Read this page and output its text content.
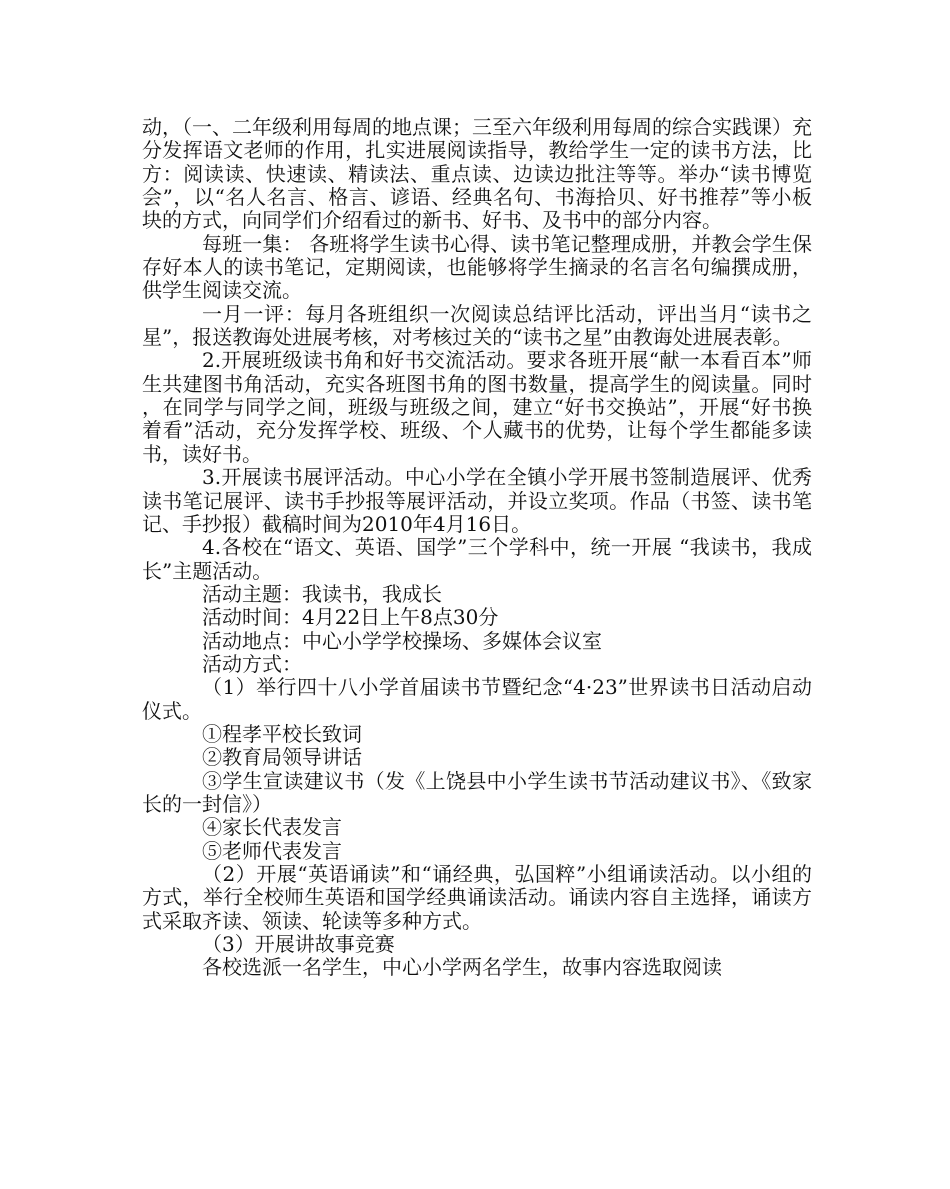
动，（一、二年级利用每周的地点课；三至六年级利用每周的综合实践课）充分发挥语文老师的作用，扎实进展阅读指导，教给学生一定的读书方法，比方：阅读读、快速读、精读法、重点读、边读边批注等等。举办“读书博览会”，以“名人名言、格言、谚语、经典名句、书海拾贝、好书推荐”等小板块的方式，向同学们介绍看过的新书、好书、及书中的部分内容。

每班一集： 各班将学生读书心得、读书笔记整理成册，并教会学生保存好本人的读书笔记，定期阅读，也能够将学生摘录的名言名句编撰成册，供学生阅读交流。

一月一评：每月各班组织一次阅读总结评比活动，评出当月“读书之星”，报送教诲处进展考核，对考核过关的“读书之星”由教诲处进展表彰。

2.开展班级读书角和好书交流活动。要求各班开展“献一本看百本”师生共建图书角活动，充实各班图书角的图书数量，提高学生的阅读量。同时，在同学与同学之间，班级与班级之间，建立“好书交换站”，开展“好书换着看”活动，充分发挥学校、班级、个人藏书的优势，让每个学生都能多读书，读好书。

3.开展读书展评活动。中心小学在全镇小学开展书签制造展评、优秀读书笔记展评、读书手抄报等展评活动，并设立奖项。作品（书签、读书笔记、手抄报）截稿时间为2010年4月16日。

4.各校在“语文、英语、国学”三个学科中，统一开展 “我读书，我成长”主题活动。

活动主题：我读书，我成长

活动时间：4月22日上午8点30分

活动地点：中心小学学校操场、多媒体会议室

活动方式：

（1）举行四十八小学首届读书节暨纪念“4·23”世界读书日活动启动仪式。

①程孝平校长致词

②教育局领导讲话

③学生宣读建议书（发《上饶县中小学生读书节活动建议书》、《致家长的一封信》）

④家长代表发言

⑤老师代表发言

（2）开展“英语诵读”和“诵经典，弘国粹”小组诵读活动。以小组的方式，举行全校师生英语和国学经典诵读活动。诵读内容自主选择，诵读方式采取齐读、领读、轮读等多种方式。

（3）开展讲故事竞赛

各校选派一名学生，中心小学两名学生，故事内容选取阅读
